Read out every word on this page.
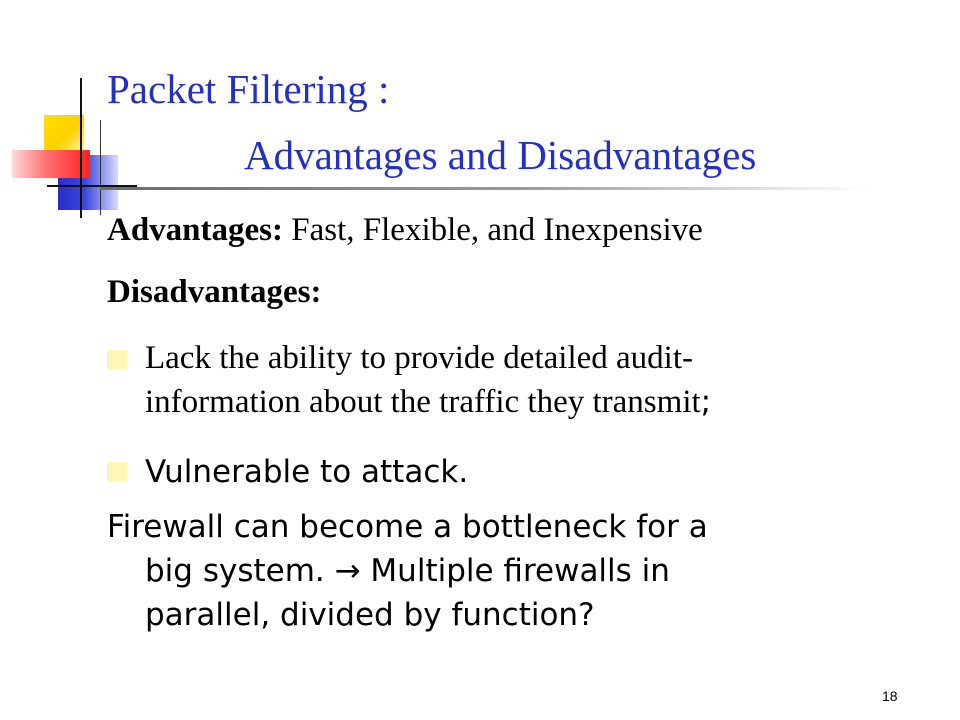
Packet Filtering :
Advantages and Disadvantages
Advantages: Fast, Flexible, and Inexpensive
Disadvantages:
Lack the ability to provide detailed audit-
information about the traffic they transmit;
Vulnerable to attack.
Firewall can become a bottleneck for a
big system. → Multiple firewalls in
parallel, divided by function?
18
